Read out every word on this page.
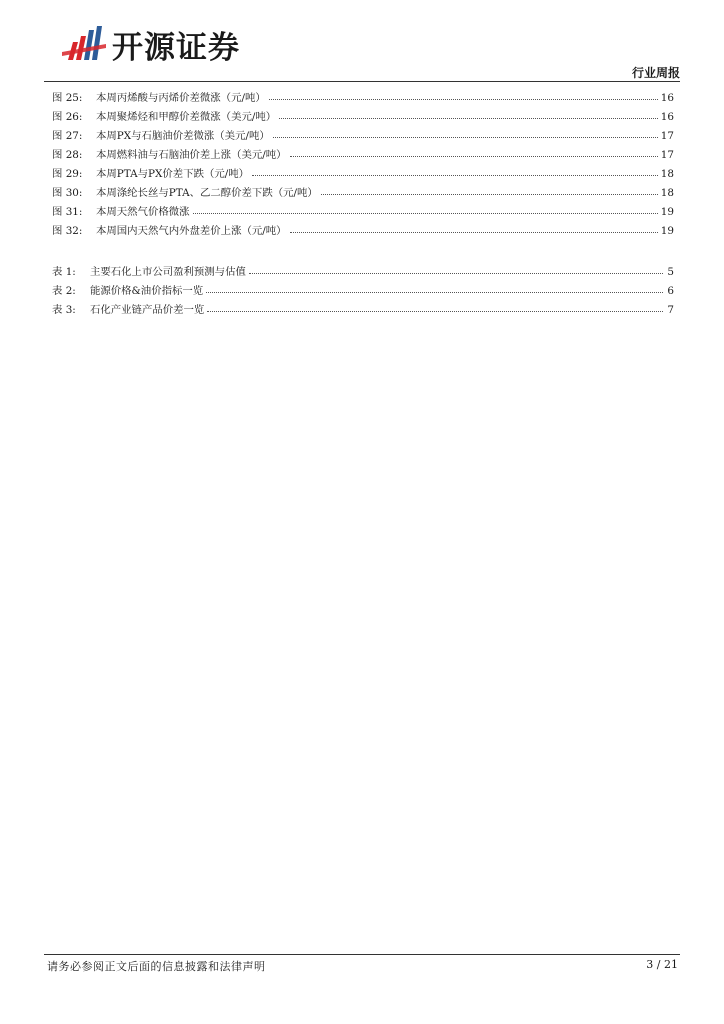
开源证券
行业周报
图 25:	本周丙烯酸与丙烯价差微涨（元/吨）	16
图 26:	本周聚烯烃和甲醇价差微涨（美元/吨）	16
图 27:	本周PX与石脑油价差微涨（美元/吨）	17
图 28:	本周燃料油与石脑油价差上涨（美元/吨）	17
图 29:	本周PTA与PX价差下跌（元/吨）	18
图 30:	本周涤纶长丝与PTA、乙二醇价差下跌（元/吨）	18
图 31:	本周天然气价格微涨	19
图 32:	本周国内天然气内外盘差价上涨（元/吨）	19
表 1:	主要石化上市公司盈利预测与估值	5
表 2:	能源价格&油价指标一览	6
表 3:	石化产业链产品价差一览	7
请务必参阅正文后面的信息披露和法律声明	3 / 21
